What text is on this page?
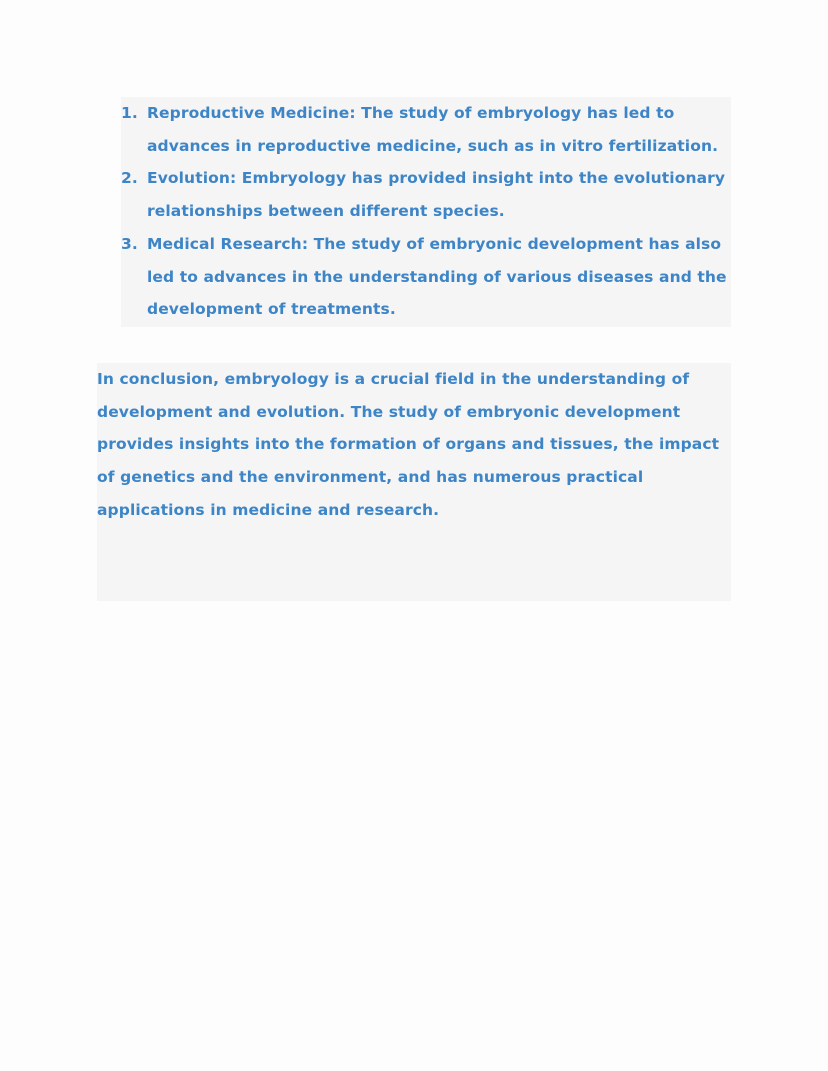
1. Reproductive Medicine: The study of embryology has led to advances in reproductive medicine, such as in vitro fertilization.
2. Evolution: Embryology has provided insight into the evolutionary relationships between different species.
3. Medical Research: The study of embryonic development has also led to advances in the understanding of various diseases and the development of treatments.

In conclusion, embryology is a crucial field in the understanding of development and evolution. The study of embryonic development provides insights into the formation of organs and tissues, the impact of genetics and the environment, and has numerous practical applications in medicine and research.
